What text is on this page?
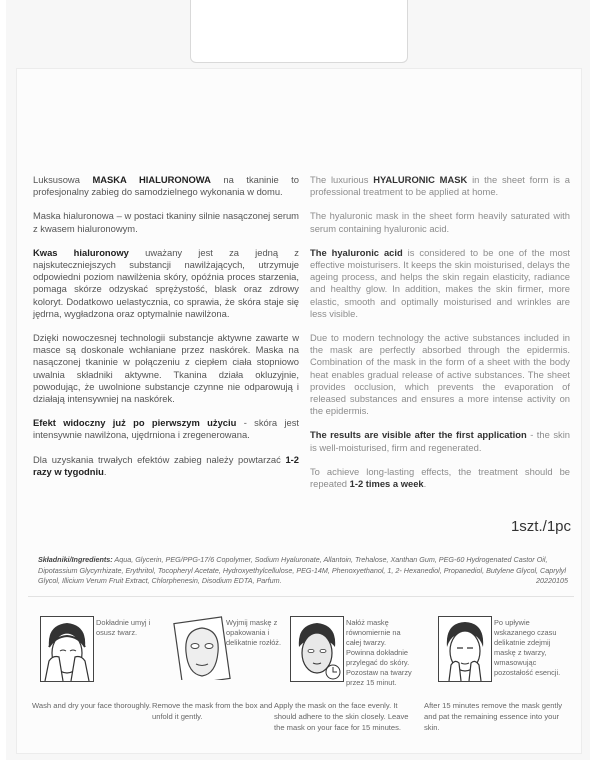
Luksusowa MASKA HIALURONOWA na tkaninie to profesjonalny zabieg do samodzielnego wykonania w domu.

Maska hialuronowa – w postaci tkaniny silnie nasączonej serum z kwasem hialuronowym.

Kwas hialuronowy uważany jest za jedną z najskuteczniejszych substancji nawilżających, utrzymuje odpowiedni poziom nawilżenia skóry, opóźnia proces starzenia, pomaga skórze odzyskać sprężystość, blask oraz zdrowy koloryt. Dodatkowo uelastycznia, co sprawia, że skóra staje się jędrna, wygładzona oraz optymalnie nawilżona.

Dzięki nowoczesnej technologii substancje aktywne zawarte w masce są doskonale wchłaniane przez naskórek. Maska na nasączonej tkaninie w połączeniu z ciepłem ciała stopniowo uwalnia składniki aktywne. Tkanina działa okluzyjnie, powodując, że uwolnione substancje czynne nie odparowują i działają intensywniej na naskórek.

Efekt widoczny już po pierwszym użyciu - skóra jest intensywnie nawilżona, ujędrniona i zregenerowana.

Dla uzyskania trwałych efektów zabieg należy powtarzać 1-2 razy w tygodniu.

The luxurious HYALURONIC MASK in the sheet form is a professional treatment to be applied at home.

The hyaluronic mask in the sheet form heavily saturated with serum containing hyaluronic acid.

The hyaluronic acid is considered to be one of the most effective moisturisers. It keeps the skin moisturised, delays the ageing process, and helps the skin regain elasticity, radiance and healthy glow. In addition, makes the skin firmer, more elastic, smooth and optimally moisturised and wrinkles are less visible.

Due to modern technology the active substances included in the mask are perfectly absorbed through the epidermis. Combination of the mask in the form of a sheet with the body heat enables gradual release of active substances. The sheet provides occlusion, which prevents the evaporation of released substances and ensures a more intense activity on the epidermis.

The results are visible after the first application - the skin is well-moisturised, firm and regenerated.

To achieve long-lasting effects, the treatment should be repeated 1-2 times a week.

1szt./1pc
Składniki/Ingredients: Aqua, Glycerin, PEG/PPG-17/6 Copolymer, Sodium Hyaluronate, Allantoin, Trehalose, Xanthan Gum, PEG-60 Hydrogenated Castor Oil, Dipotassium Glycyrrhizate, Erythritol, Tocopheryl Acetate, Hydroxyethylcellulose, PEG-14M, Phenoxyethanol, 1, 2- Hexanediol, Propanediol, Butylene Glycol, Caprylyl Glycol, Illicium Verum Fruit Extract, Chlorphenesin, Disodium EDTA, Parfum.	20220105
Dokładnie umyj i osusz twarz.
Wash and dry your face thoroughly.
Wyjmij maskę z opakowania i delikatnie rozłóż.
Remove the mask from the box and unfold it gently.
Nałóż maskę równomiernie na całej twarzy. Powinna dokładnie przylegać do skóry. Pozostaw na twarzy przez 15 minut.
Apply the mask on the face evenly. It should adhere to the skin closely. Leave the mask on your face for 15 minutes.
Po upływie wskazanego czasu delikatnie zdejmij maskę z twarzy, wmasowując pozostałość esencji.
After 15 minutes remove the mask gently and pat the remaining essence into your skin.
